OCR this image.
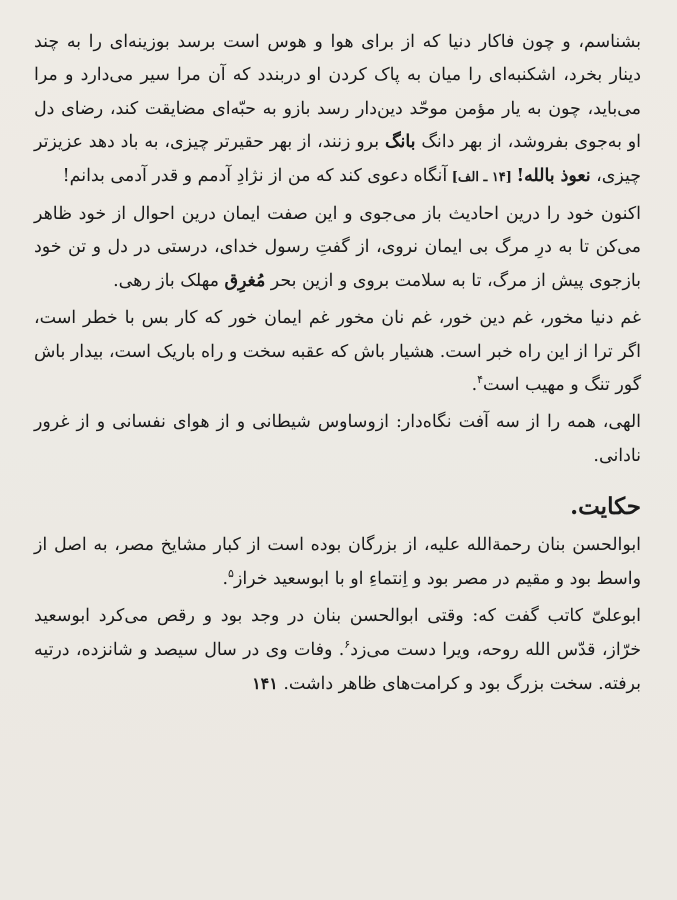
بشناسم، و چون فاکار دنیا که از برای هوا و هوس است برسد بوزینه‌ای را به چند دینار بخرد، اشکنبه‌ای را میان به پاک کردن او دربندد که آن مرا سیر می‌دارد و مرا می‌باید، چون به یار مؤمن موحّد دین‌دار رسد بازو به حبّه‌ای مضایقت کند، رضای دل او به‌جوی بفروشد، از بهر دانگ بانگ برو زنند، از بهر حقیرتر چیزی، به باد دهد عزیزتر چیزی، نعوذ بالله! [۱۴ ـ الف] آنگاه دعوی کند که من از نژادِ آدمم و قدر آدمی بدانم!

اکنون خود را درین احادیث باز می‌جوی و این صفت ایمان درین احوال از خود ظاهر می‌کن تا به درِ مرگ بی ایمان نروی، از گفتِ رسول خدای، درستی در دل و تن خود بازجوی پیش از مرگ، تا به سلامت بروی و ازین بحر مُغرِق مهلک باز رهی.

غم دنیا مخور، غم دین خور، غم نان مخور غم ایمان خور که کار بس با خطر است، اگر ترا از این راه خبر است. هشیار باش که عقبه سخت و راه باریک است، بیدار باش گور تنگ و مهیب است$^۴$.

الهی، همه را از سه آفت نگاه‌دار: ازوساوس شیطانی و از هوای نفسانی و از غرور نادانی.

حکایت.

ابوالحسن بنان رحمة‌الله علیه، از بزرگان بوده است از کبار مشایخ مصر، به اصل از واسط بود و مقیم در مصر بود و اِنتماءِ او با ابوسعید خراز$^۵$.

ابوعلیّ کاتب گفت که: وقتی ابوالحسن بنان در وجد بود و رقص می‌کرد ابوسعید خرّاز، قدّس الله روحه، ویرا دست می‌زد$^۶$. وفات وی در سال سیصد و شانزده، درتیه برفته. سخت بزرگ بود و کرامت‌های ظاهر داشت. ۱۴۱
